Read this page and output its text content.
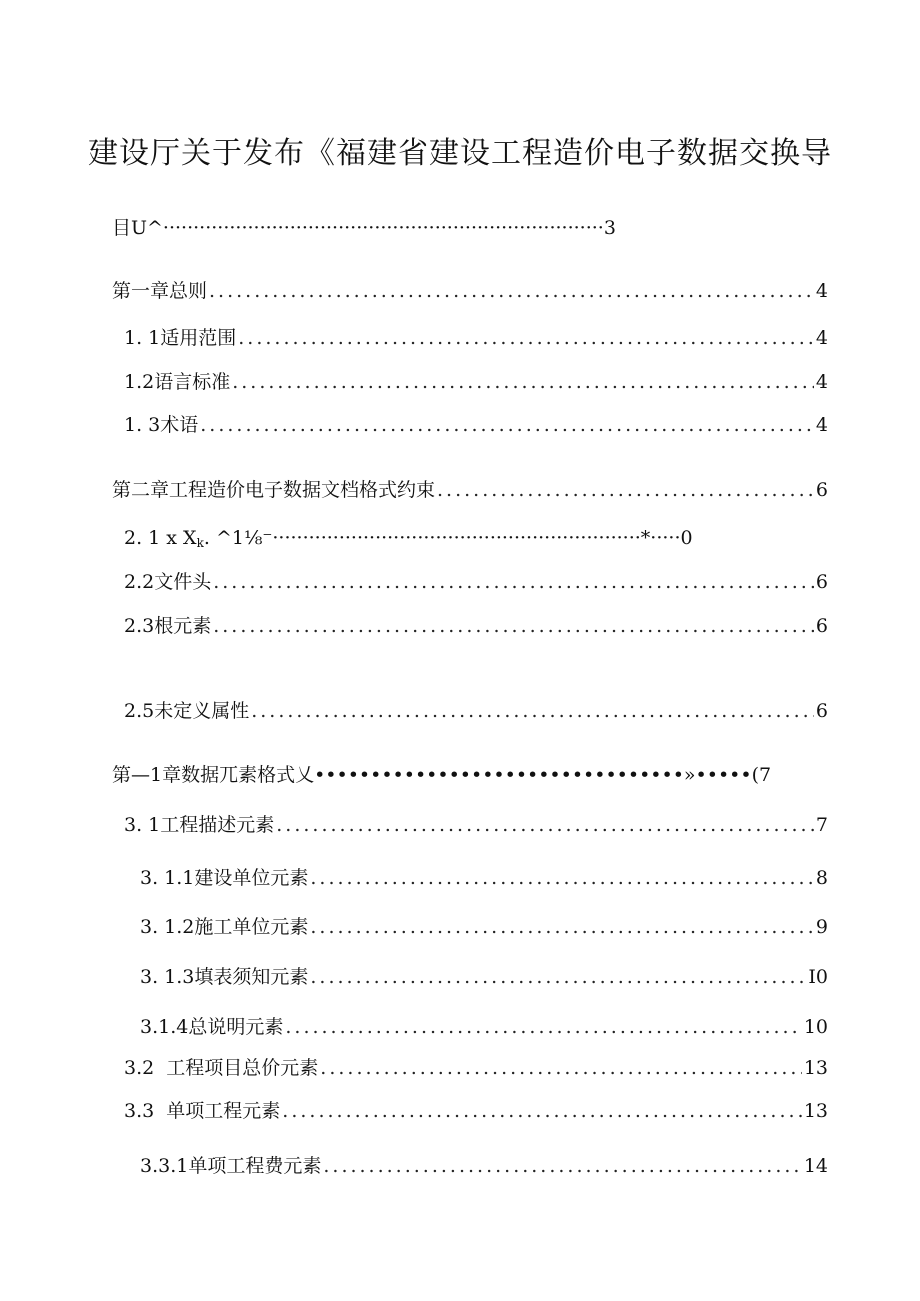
建设厅关于发布《福建省建设工程造价电子数据交换导
目U^·········································································3
第一章总则 .....	4
1. 1适用范围 .....	4
1.2语言标准 .....	4
1. 3术语 .....	4
第二章工程造价电子数据文档格式约束 .....	6
2. 1 x $X_k$. ^1⅛⁻·····························································*·····0
2.2文件头 .....	6
2.3根元素 .....	6
2.5未定义属性 .....	6
第—1章数据兀素格式乂•••••••••••••••••••••••••••••••••»•••••(7
3. 1工程描述元素 .....	7
3. 1.1建设单位元素 .....	8
3. 1.2施工单位元素 .....	9
3. 1.3填表须知元素 .....	I0
3.1.4总说明元素 .....	10
3.2  工程项目总价元素 .....	13
3.3  单项工程元素 .....	13
3.3.1单项工程费元素 .....	14
